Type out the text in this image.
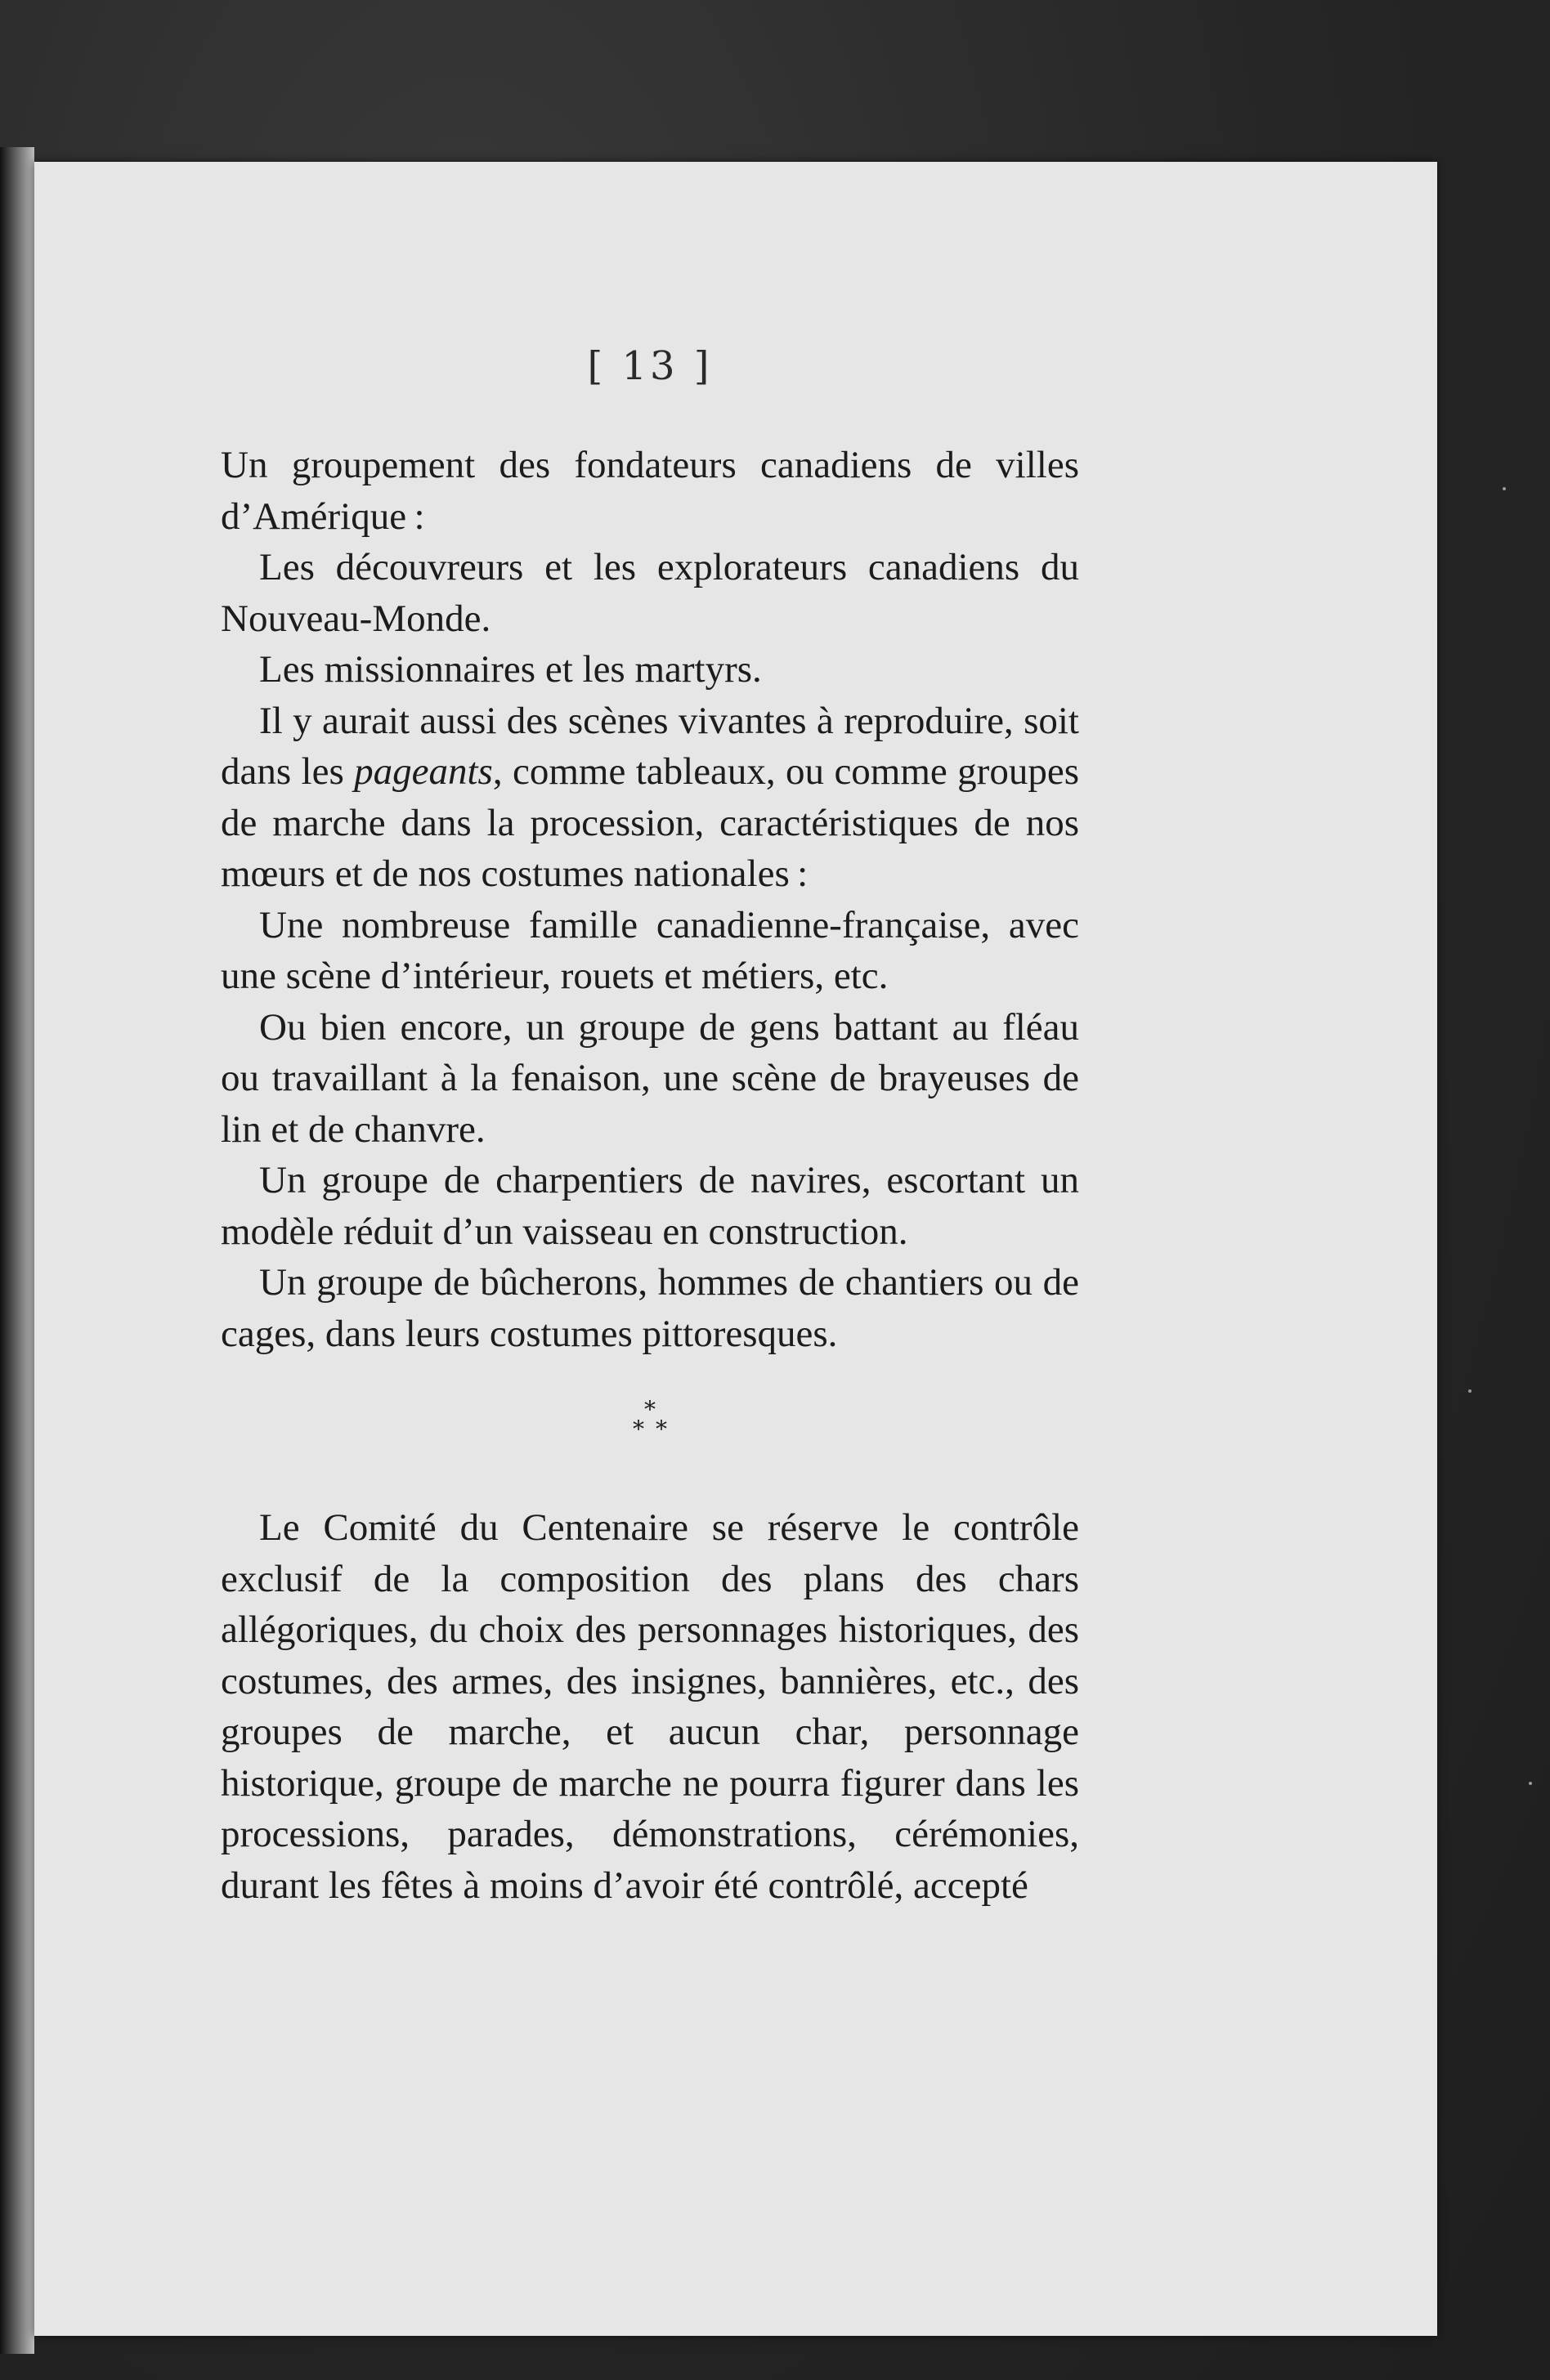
[ 13 ]

Un groupement des fondateurs canadiens de villes d’Amérique :

Les découvreurs et les explorateurs canadiens du Nouveau-Monde.

Les missionnaires et les martyrs.

Il y aurait aussi des scènes vivantes à reproduire, soit dans les pageants, comme tableaux, ou comme groupes de marche dans la procession, caractéristiques de nos mœurs et de nos costumes nationales :

Une nombreuse famille canadienne-française, avec une scène d’intérieur, rouets et métiers, etc.

Ou bien encore, un groupe de gens battant au fléau ou travaillant à la fenaison, une scène de brayeuses de lin et de chanvre.

Un groupe de charpentiers de navires, escortant un modèle réduit d’un vaisseau en construction.

Un groupe de bûcherons, hommes de chantiers ou de cages, dans leurs costumes pittoresques.

*
**

Le Comité du Centenaire se réserve le contrôle exclusif de la composition des plans des chars allégoriques, du choix des personnages historiques, des costumes, des armes, des insignes, bannières, etc., des groupes de marche, et aucun char, personnage historique, groupe de marche ne pourra figurer dans les processions, parades, démonstrations, cérémonies, durant les fêtes à moins d’avoir été contrôlé, accepté
